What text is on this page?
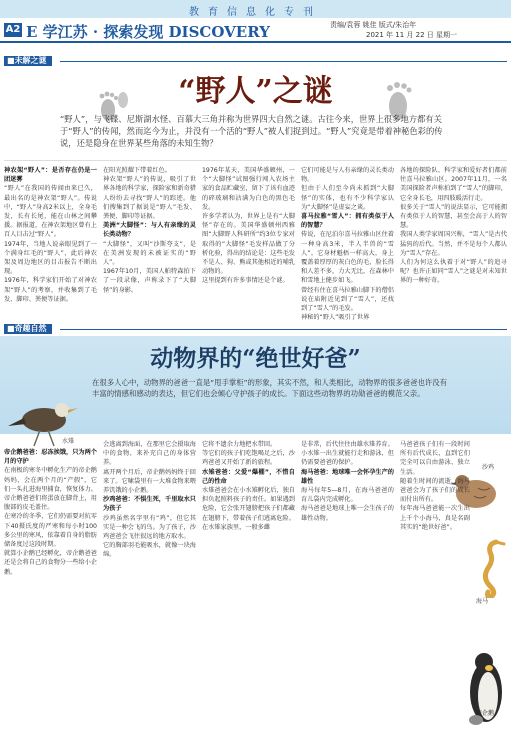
教育信息化专刊
A2 E 学江苏 · 探索发现 DISCOVERY	责编/袁蓉 姚佳 版式/朱治年
2021 年 11 月 22 日 星期一
■未解之谜
“野人”之谜
“野人”，与飞碟、尼斯湖水怪、百慕大三角并称为世界四大自然之谜。古往今来，世界上很多地方都有关于“野人”的传闻，然而迄今为止，并没有一个活的“野人”被人们捉到过。“野人”究竟是带着神秘色彩的传说，还是隐身在世界某些角落的未知生物？
神农架“野人”：是否存在仍是一团迷雾
“野人”在我国的传闻由来已久，最出名的是神农架“野人”。传说中，“野人”身高2米以上，全身毛发，长有长尾，能在山林之间攀援。据报道，在神农架地区曾有上百人目击过“野人”。
1974年，当地人说亲眼见到了一个满身红毛的“野人”，此后神农架及周边地区的目击报告不断出现。
1976年，科学家们开始了对神农架“野人”的考察，并收集到了毛发、脚印、粪便等证据。
在阳光照耀下带着红色。
神农架“野人”的传说，吸引了世界各地的科学家，探险家和新奇猎人纷纷去寻找“野人”的踪迹。他们搜集到了据说是“野人”毛发、粪便、脚印等证据。
美洲“大脚怪”：与人有亲缘的灵长类动物？
“大脚怪”，又叫“沙斯夸支”，是在美洲发现的未被证实的“野人”。
1967年10月，美国人帕特森拍下了一段录像，声称录下了“大脚怪”的身影。
1976年某天，美国华盛顿州，一个“大脚怪”试图强行闯入农场主家的食品贮藏室，留下了该有血迹的碎玻璃和沾满为白色的黑色毛发。
许多学者认为，世界上是有“大脚怪”存在的。美国华盛顿州西雅图“大脚野人科研所”约3位专家对取得的“大脚怪”毛发样品做了分析化验，得出的结论是：这些毛发不是人、狗、熊或其他相近的哺乳动物的。
这里提到有许多事情还是个谜。
它们可能是与人有亲缘的灵长类动物。
但由于人们至今尚未抓到“大脚怪”的实体，也有不少科学家认为“大脚怪”是虚妄之谈。
喜马拉雅“雪人”：拥有类似于人的智慧？
传说，在尼泊尔喜马拉雅山区住着一种身高3米，半人半兽的“雪人”。它身材魁梧一样高大，身上覆盖着厚厚的灰白色的毛，脸长得和人差不多，力大无比，在森林中和雪地上健步如飞。
曾经有住在喜马拉雅山脚下的僧侣说在庙附近见到了“雪人”，还找到了“雪人”的毛发。
神秘的“野人”吸引了世界
各地的探险队、科学家和爱好者们都前往喜马拉雅山区。2007年11月，一名美国探险者声称拍到了“雪人”的脚印，它全身长毛，用四肢暖活行走。
很多关于“雪人”的说法显示，它可能拥有类似于人的智慧，甚至会高于人的智慧。
我国人类学家周国兴称，“雪人”是古代猛犸的后代。当然，并不是每个人都认为“雪人”存在。
人们为何这么执着于对“野人”的追寻呢？也许正如同“雪人”之谜是对未知世界的一种好奇。
■奇趣自然
水雉
沙鸡
海马
帝企鹅
动物界的“绝世好爸”
在很多人心中，动物界的爸爸一直是“甩手掌柜”的形象，其实不然，和人类相比，动物界的很多爸爸也许没有丰富的情感和感动的表达，但它们也会倾心守护孩子的成长。下面这些动物界的功勋爸爸的模范父亲。
帝企鹅爸爸：忍冻挨饿，只为两个月的守护
在南极的寒冬中孵化生产的帝企鹅妈妈，会在两个月的“产假”，它们一头扎进海里捕食，恢复体力。帝企鹅爸爸们将蛋放在脚背上，用腹部的皮毛盖住。
在寒冷的冬季，它们仍需要对抗零下40摄氏度的严寒和每小时100多公里的寒风，依靠着自身的脂肪储备度过这段时期。
就算小企鹅已经孵化，帝企鹅爸爸还是会将自己的食物分一些给小企鹅。
会逃离到海面，在那里它会摄取海中的食物，来补充自己的身体营养。
离开两个月后，帝企鹅妈妈终于回来了。它嗉袋里有一大堆食物来喂养饥饿的小企鹅。
沙鸡爸爸：不惧生死，千里取水只为孩子
沙鸡虽然名字里有“鸡”，但它其实是一种会飞的鸟。为了孩子，沙鸡爸爸会飞往很远的地方取水。
它的胸部羽毛能吸水，就像一块海绵。
它将不遗余力地把水带回。
等它们的孩子们吃饱喝足之后，沙鸡爸爸又开始了新的旅程。
水雉爸爸：父爱“爆棚”，不惜自己的性命
水雉爸爸会在小水雉孵化后，独自担负起照料孩子的责任。如果遇到危险，它会张开翅膀把孩子们都藏在翅膀下，带着孩子们逃离危险。
在水雉家族里，一般多雌
是非常，后代往往由雄水雉养育。
小水雉一出生就能行走和游泳，但仍需要爸爸的保护。
海马爸爸：地球唯一会怀孕生产的雄性
海马每年5—8月，在海马爸爸的育儿袋内完成孵化。
海马爸爸是地球上唯一会生孩子的雄性动物。
马爸爸孩子们有一段时间所有后代成长，直到它们完全可以自由游泳、独立生活。
随着生时间的流逝，海马爸爸会为了孩子们的成长而付出所有。
每年海马爸爸能一次生出上千个小海马，真是名副其实的“绝世好爸”。
